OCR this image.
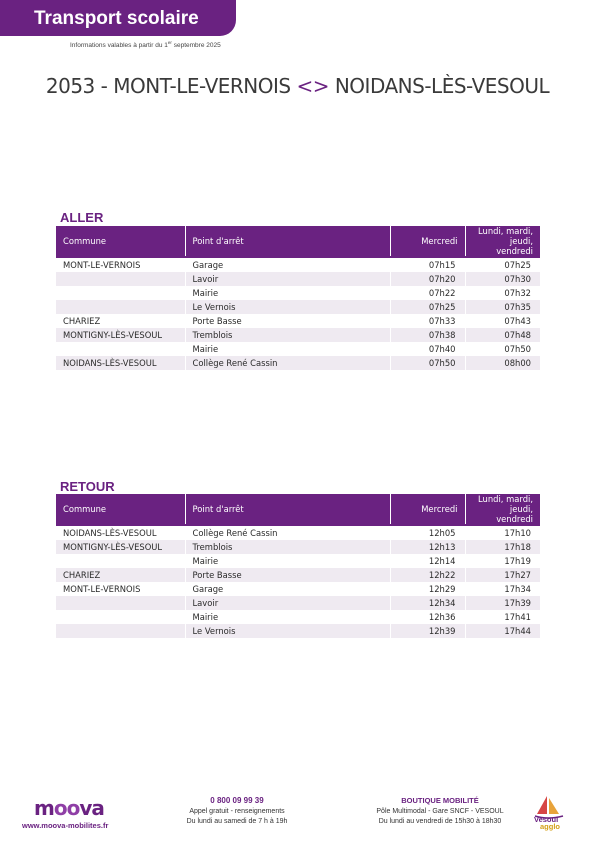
Transport scolaire
Informations valables à partir du 1er septembre 2025
2053 - MONT-LE-VERNOIS <> NOIDANS-LÈS-VESOUL
ALLER
Commune	Point d'arrêt	Mercredi	Lundi, mardi, jeudi, vendredi
MONT-LE-VERNOIS	Garage	07h15	07h25
	Lavoir	07h20	07h30
	Mairie	07h22	07h32
	Le Vernois	07h25	07h35
CHARIEZ	Porte Basse	07h33	07h43
MONTIGNY-LÈS-VESOUL	Tremblois	07h38	07h48
	Mairie	07h40	07h50
NOIDANS-LÈS-VESOUL	Collège René Cassin	07h50	08h00
RETOUR
Commune	Point d'arrêt	Mercredi	Lundi, mardi, jeudi, vendredi
NOIDANS-LÈS-VESOUL	Collège René Cassin	12h05	17h10
MONTIGNY-LÈS-VESOUL	Tremblois	12h13	17h18
	Mairie	12h14	17h19
CHARIEZ	Porte Basse	12h22	17h27
MONT-LE-VERNOIS	Garage	12h29	17h34
	Lavoir	12h34	17h39
	Mairie	12h36	17h41
	Le Vernois	12h39	17h44
moova
www.moova-mobilites.fr
0 800 09 99 39
Appel gratuit - renseignements
Du lundi au samedi de 7 h à 19h
BOUTIQUE MOBILITÉ
Pôle Multimodal - Gare SNCF - VESOUL
Du lundi au vendredi de 15h30 à 18h30	Vesoul
agglo
